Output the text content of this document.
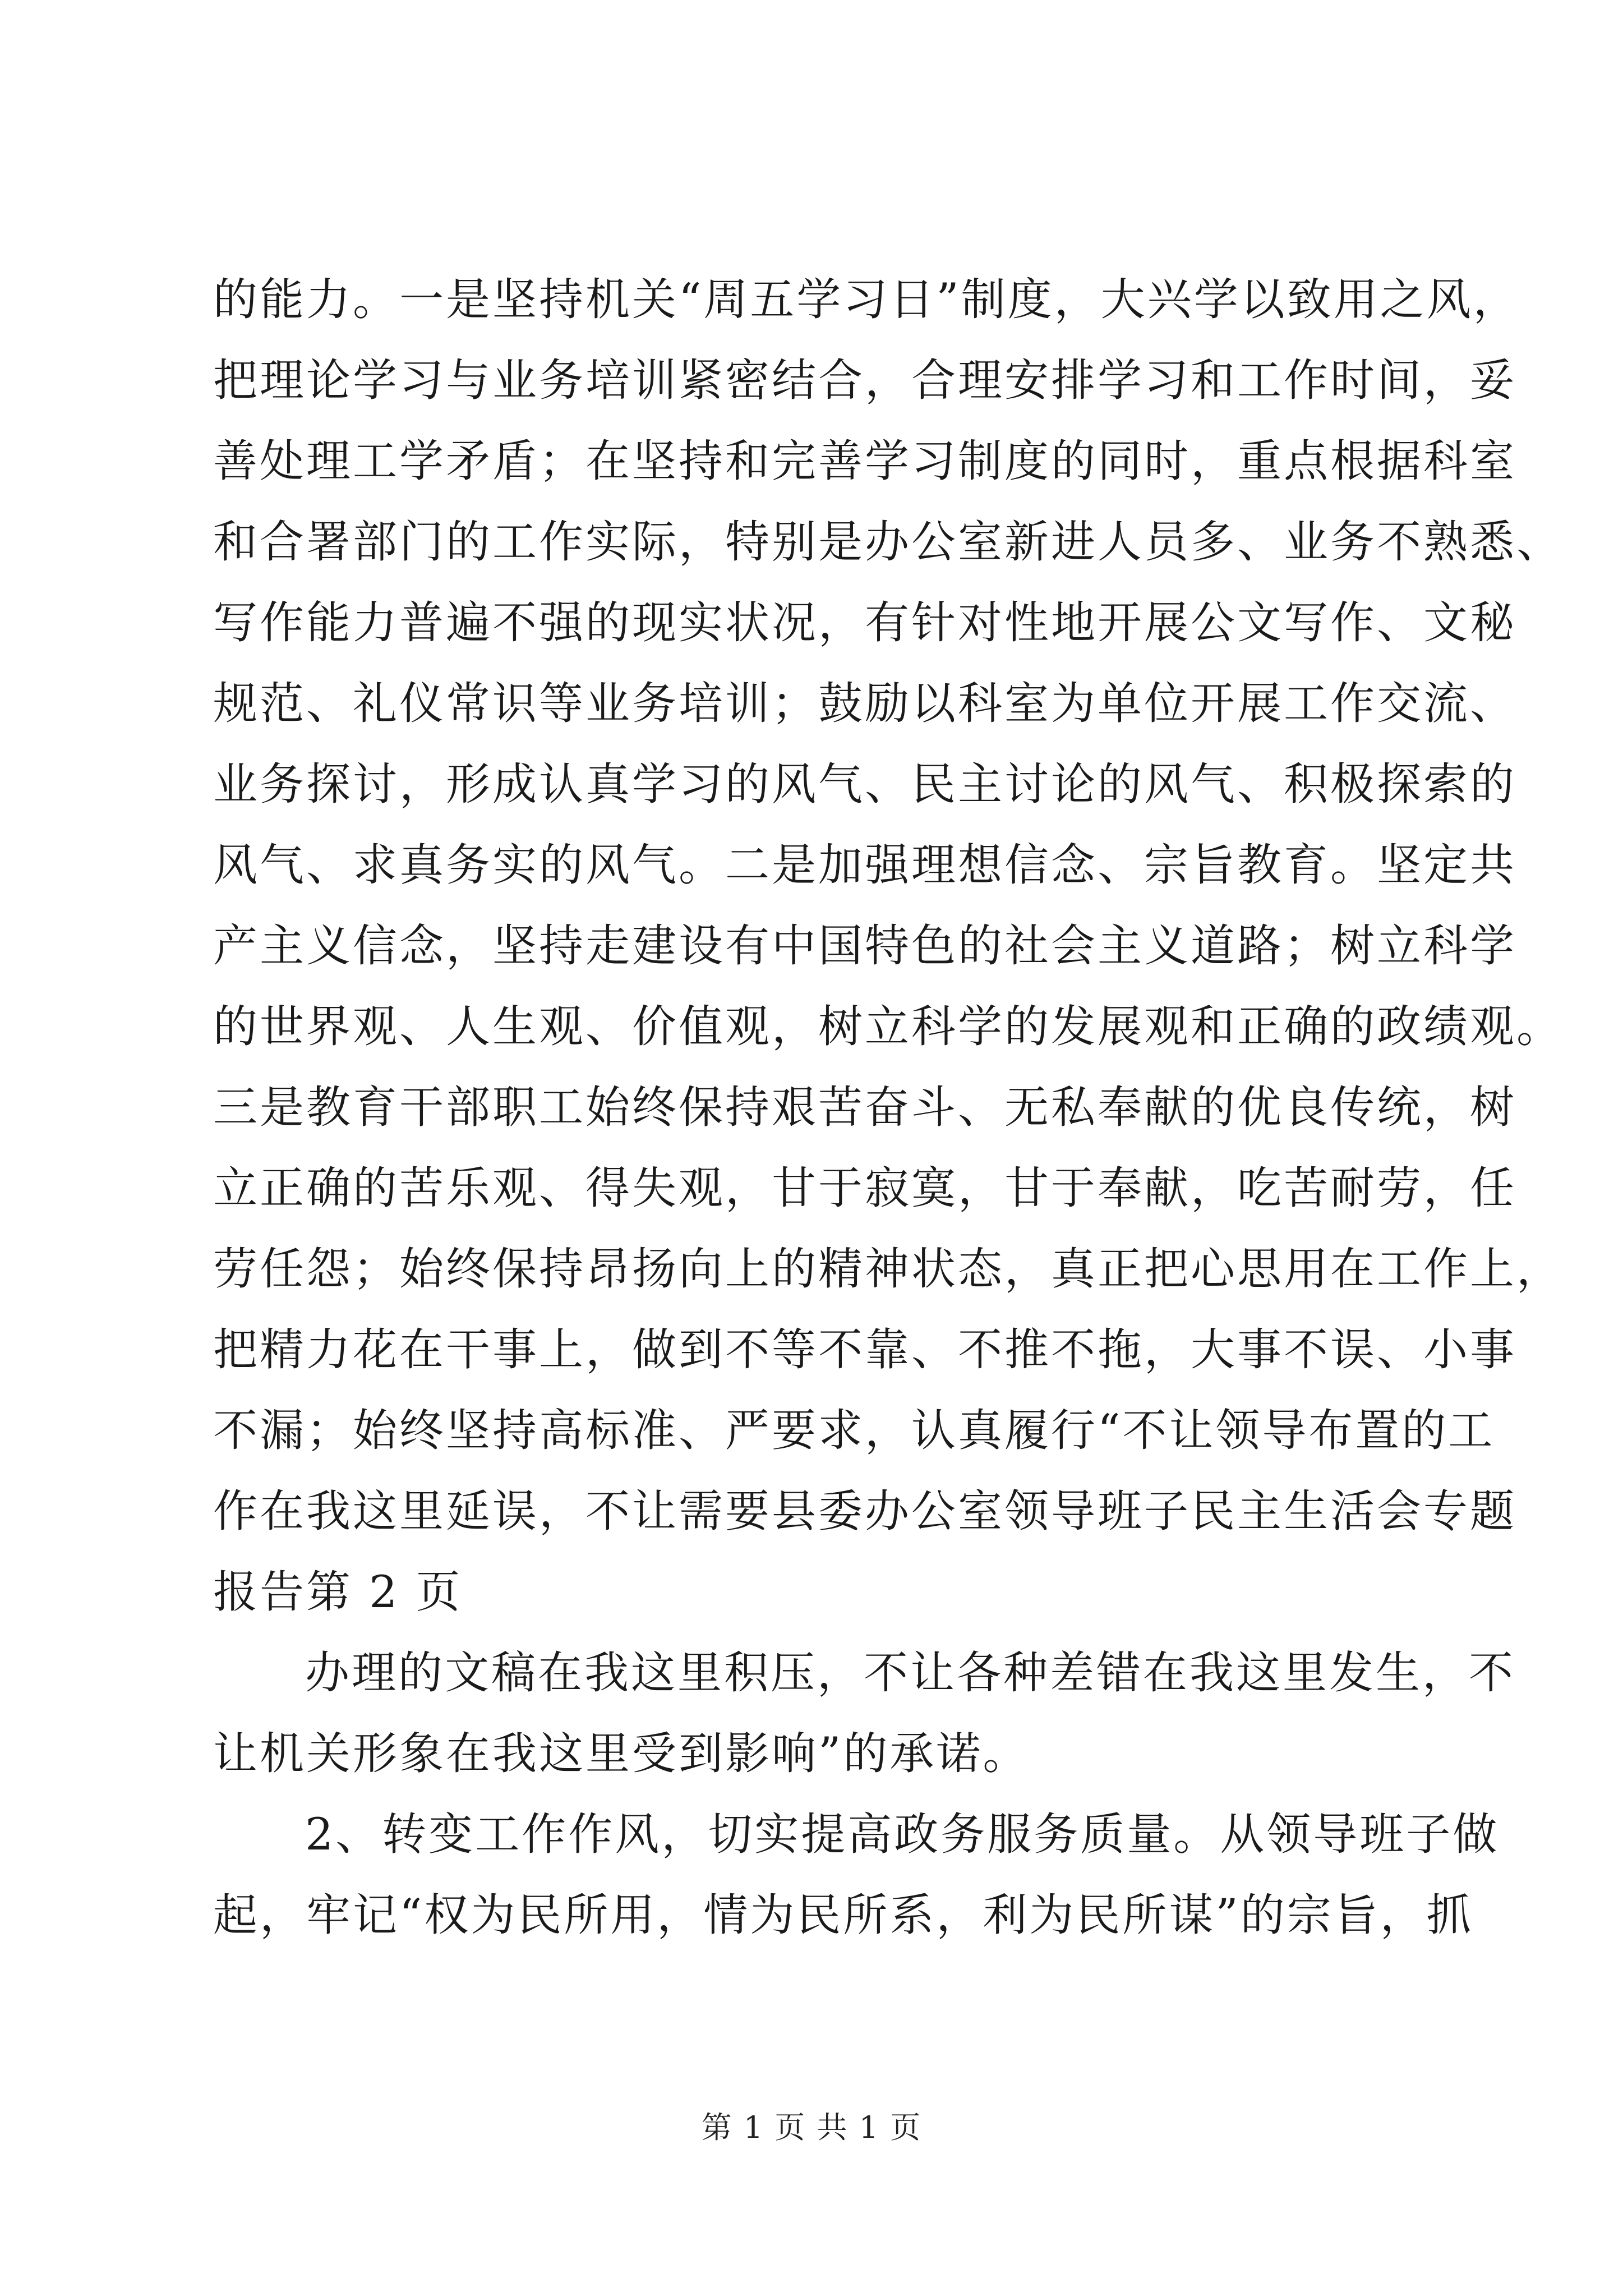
的能力。一是坚持机关“周五学习日”制度，大兴学以致用之风，
把理论学习与业务培训紧密结合，合理安排学习和工作时间，妥
善处理工学矛盾；在坚持和完善学习制度的同时，重点根据科室
和合署部门的工作实际，特别是办公室新进人员多、业务不熟悉、
写作能力普遍不强的现实状况，有针对性地开展公文写作、文秘
规范、礼仪常识等业务培训；鼓励以科室为单位开展工作交流、
业务探讨，形成认真学习的风气、民主讨论的风气、积极探索的
风气、求真务实的风气。二是加强理想信念、宗旨教育。坚定共
产主义信念，坚持走建设有中国特色的社会主义道路；树立科学
的世界观、人生观、价值观，树立科学的发展观和正确的政绩观。
三是教育干部职工始终保持艰苦奋斗、无私奉献的优良传统，树
立正确的苦乐观、得失观，甘于寂寞，甘于奉献，吃苦耐劳，任
劳任怨；始终保持昂扬向上的精神状态，真正把心思用在工作上，
把精力花在干事上，做到不等不靠、不推不拖，大事不误、小事
不漏；始终坚持高标准、严要求，认真履行“不让领导布置的工
作在我这里延误，不让需要县委办公室领导班子民主生活会专题
报告第 2 页
办理的文稿在我这里积压，不让各种差错在我这里发生，不
让机关形象在我这里受到影响”的承诺。
2、转变工作作风，切实提高政务服务质量。从领导班子做
起，牢记“权为民所用，情为民所系，利为民所谋”的宗旨，抓
第 1 页 共 1 页
